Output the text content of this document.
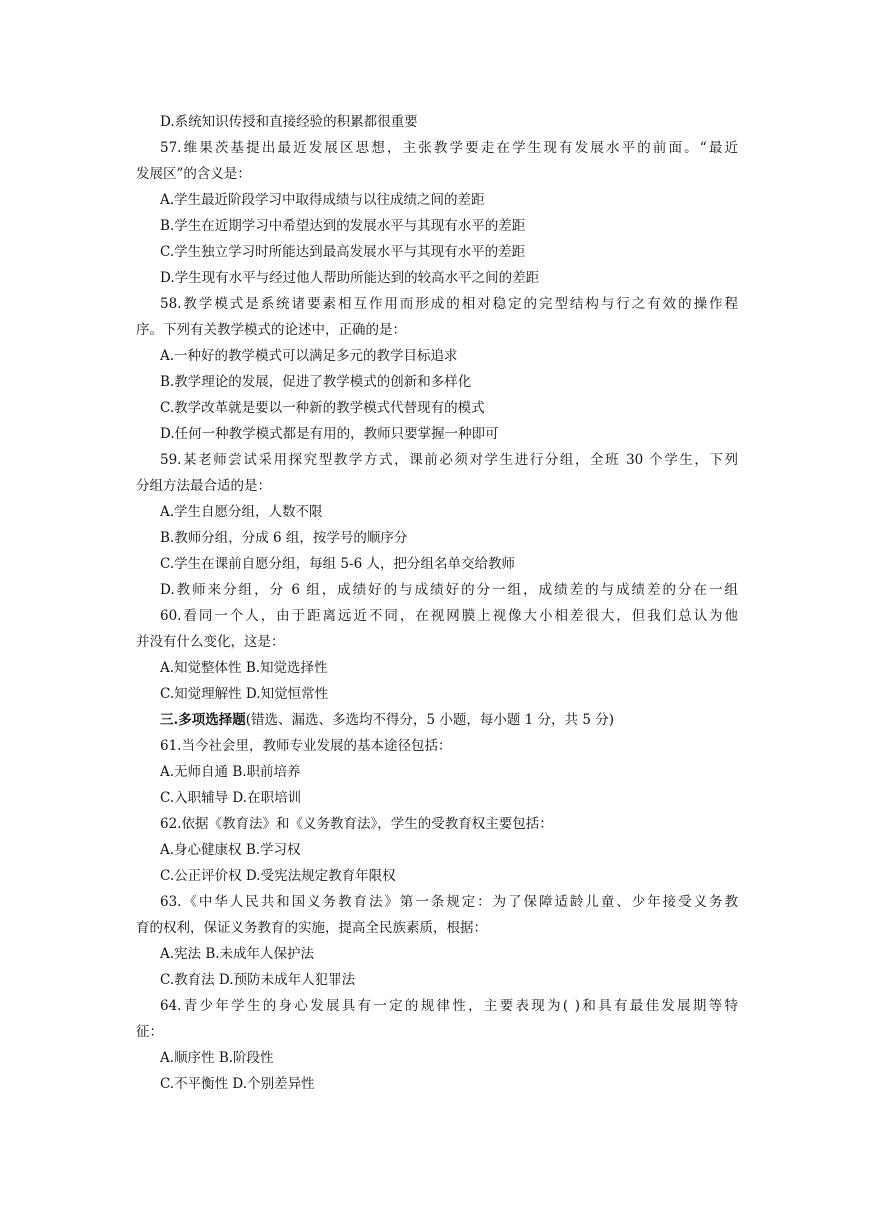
D.系统知识传授和直接经验的积累都很重要
57.维果茨基提出最近发展区思想，主张教学要走在学生现有发展水平的前面。“最近
发展区”的含义是：
A.学生最近阶段学习中取得成绩与以往成绩之间的差距
B.学生在近期学习中希望达到的发展水平与其现有水平的差距
C.学生独立学习时所能达到最高发展水平与其现有水平的差距
D.学生现有水平与经过他人帮助所能达到的较高水平之间的差距
58.教学模式是系统诸要素相互作用而形成的相对稳定的完型结构与行之有效的操作程
序。下列有关教学模式的论述中，正确的是：
A.一种好的教学模式可以满足多元的教学目标追求
B.教学理论的发展，促进了教学模式的创新和多样化
C.教学改革就是要以一种新的教学模式代替现有的模式
D.任何一种教学模式都是有用的，教师只要掌握一种即可
59.某老师尝试采用探究型教学方式，课前必须对学生进行分组，全班 30 个学生，下列
分组方法最合适的是：
A.学生自愿分组，人数不限
B.教师分组，分成 6 组，按学号的顺序分
C.学生在课前自愿分组，每组 5-6 人，把分组名单交给教师
D.教师来分组，分 6 组，成绩好的与成绩好的分一组，成绩差的与成绩差的分在一组
60.看同一个人，由于距离远近不同，在视网膜上视像大小相差很大，但我们总认为他
并没有什么变化，这是：
A.知觉整体性 B.知觉选择性
C.知觉理解性 D.知觉恒常性
三.多项选择题(错选、漏选、多选均不得分，5 小题，每小题 1 分，共 5 分)
61.当今社会里，教师专业发展的基本途径包括：
A.无师自通 B.职前培养
C.入职辅导 D.在职培训
62.依据《教育法》和《义务教育法》，学生的受教育权主要包括：
A.身心健康权 B.学习权
C.公正评价权 D.受宪法规定教育年限权
63.《中华人民共和国义务教育法》第一条规定：为了保障适龄儿童、少年接受义务教
育的权利，保证义务教育的实施，提高全民族素质，根据：
A.宪法 B.未成年人保护法
C.教育法 D.预防未成年人犯罪法
64.青少年学生的身心发展具有一定的规律性，主要表现为( )和具有最佳发展期等特
征：
A.顺序性 B.阶段性
C.不平衡性 D.个别差异性
